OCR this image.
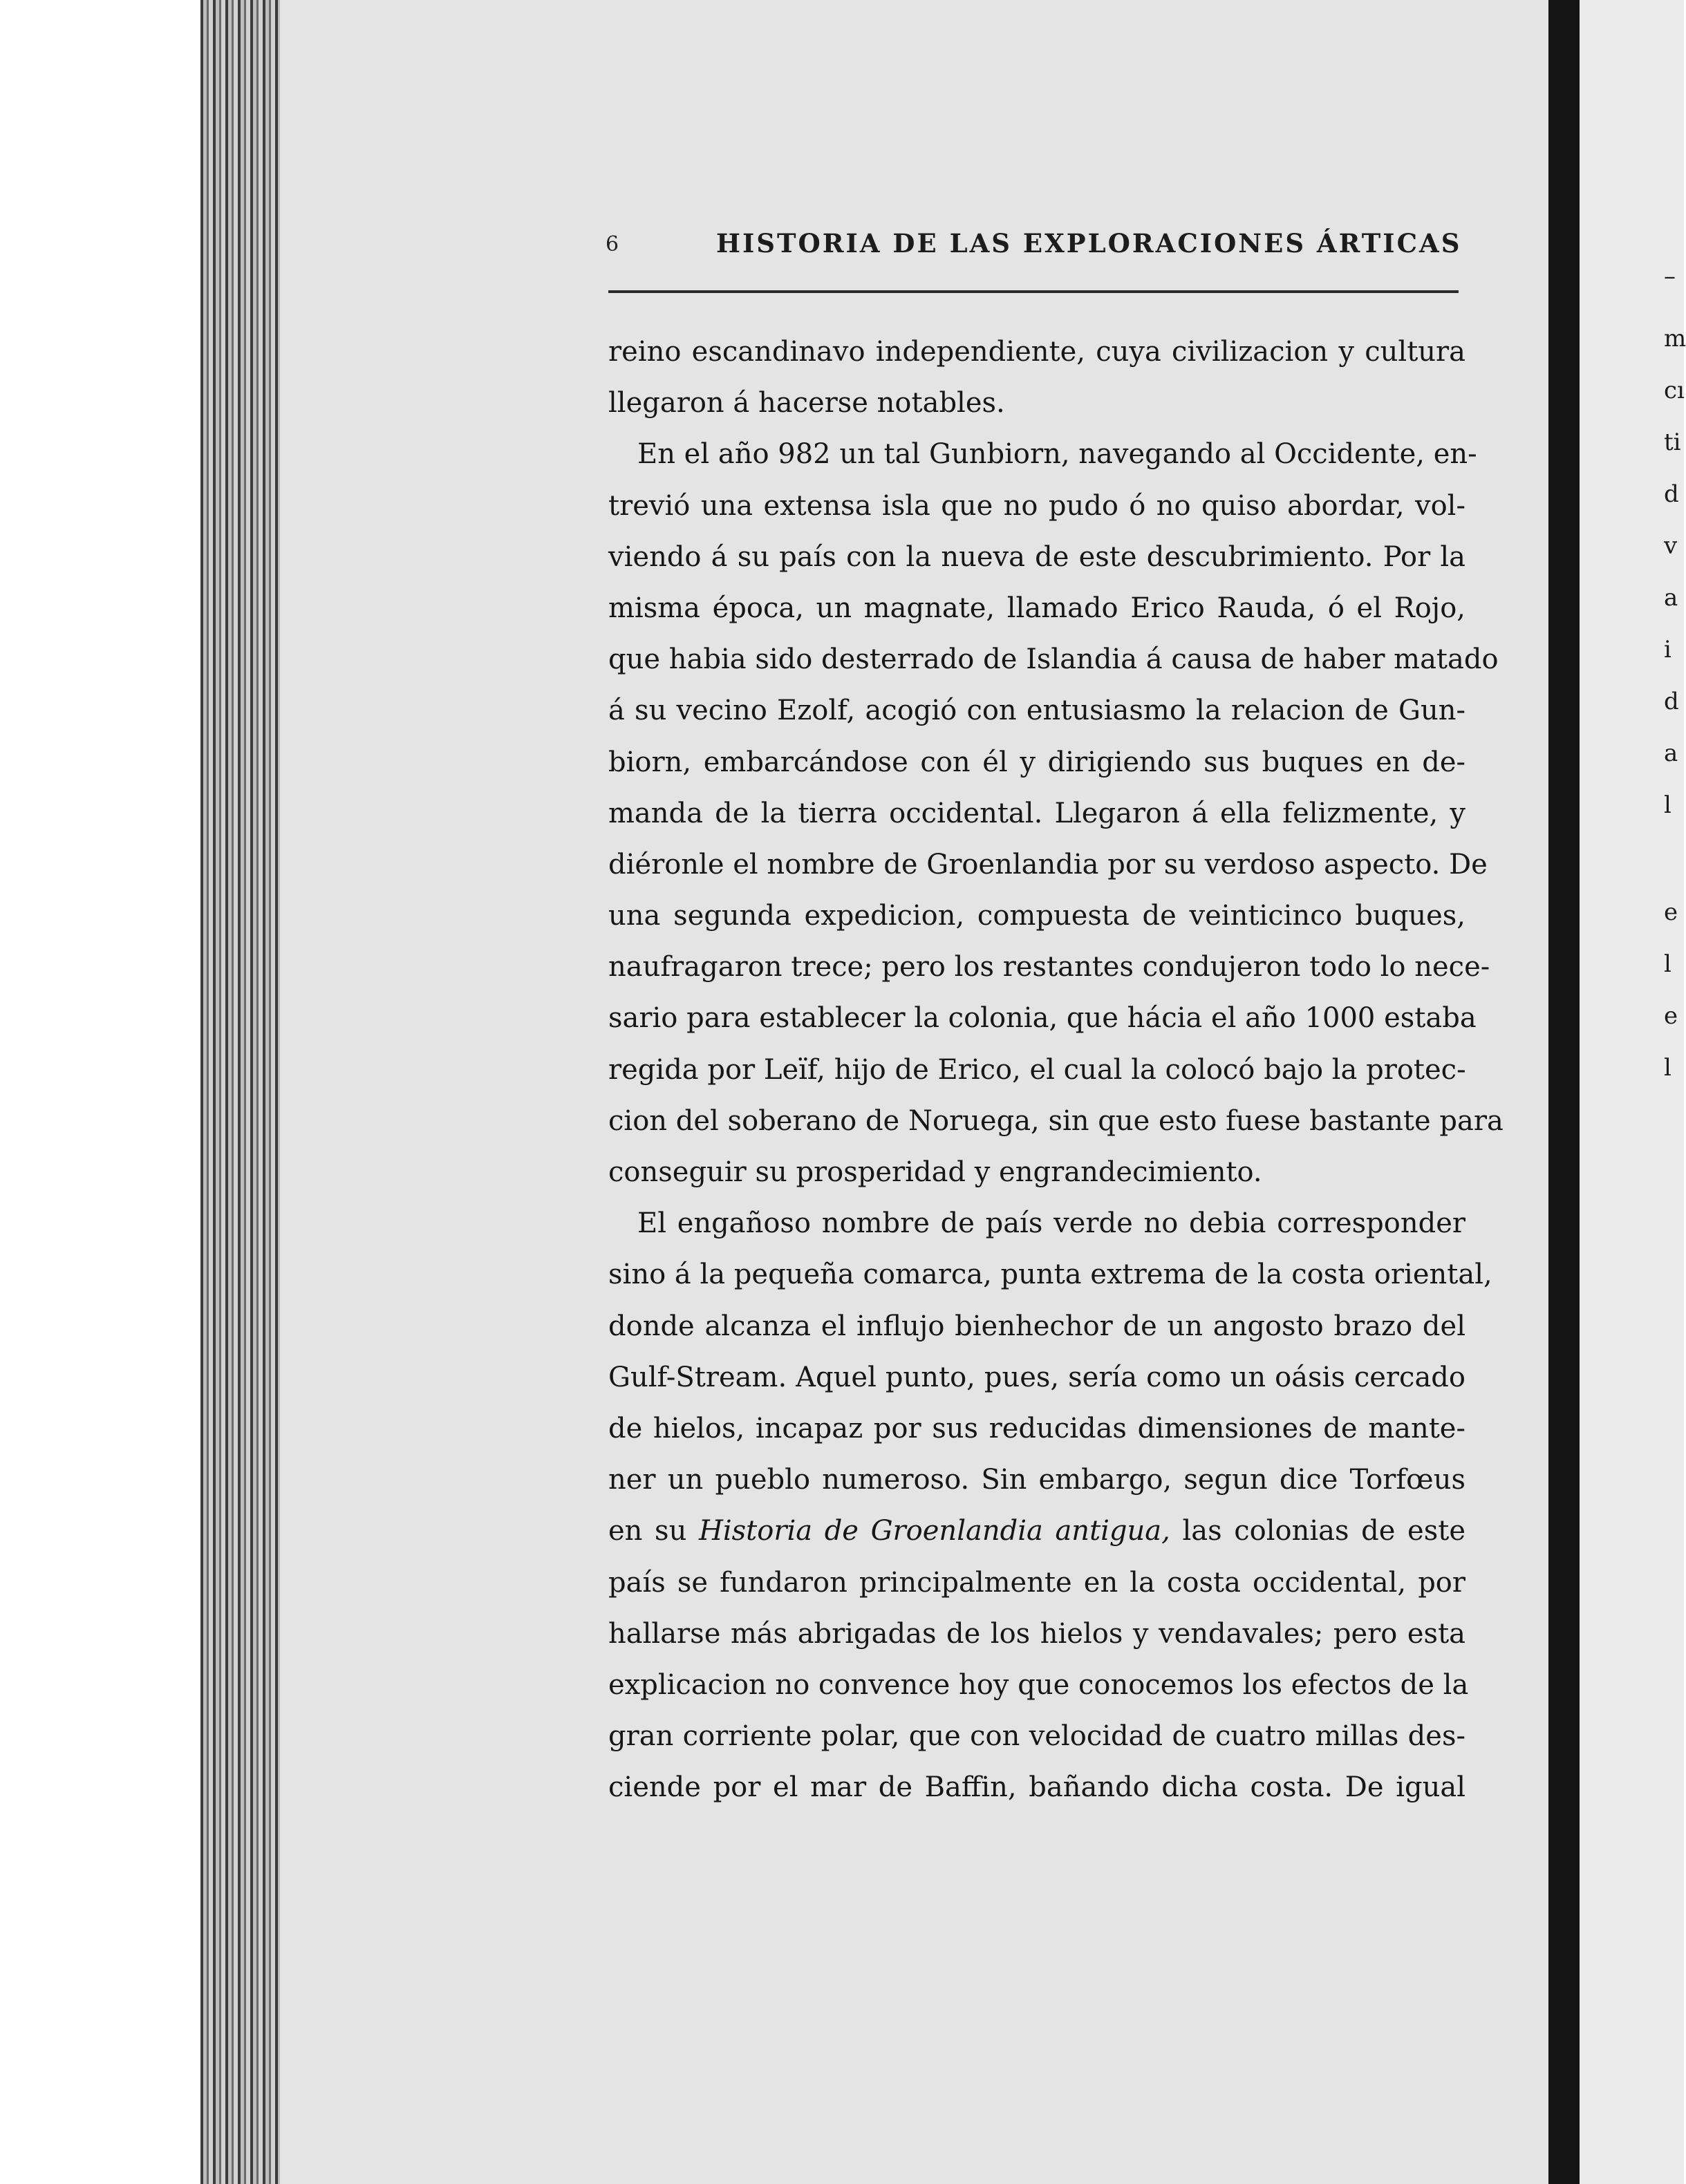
–
m
cı
ti
d
v
a
i
d
a
l
e
l
e
l
6	HISTORIA DE LAS EXPLORACIONES ÁRTICAS
reino escandinavo independiente, cuya civilizacion y cultura
llegaron á hacerse notables.
En el año 982 un tal Gunbiorn, navegando al Occidente, en-
trevió una extensa isla que no pudo ó no quiso abordar, vol-
viendo á su país con la nueva de este descubrimiento. Por la
misma época, un magnate, llamado Erico Rauda, ó el Rojo,
que habia sido desterrado de Islandia á causa de haber matado
á su vecino Ezolf, acogió con entusiasmo la relacion de Gun-
biorn, embarcándose con él y dirigiendo sus buques en de-
manda de la tierra occidental. Llegaron á ella felizmente, y
diéronle el nombre de Groenlandia por su verdoso aspecto. De
una segunda expedicion, compuesta de veinticinco buques,
naufragaron trece; pero los restantes condujeron todo lo nece-
sario para establecer la colonia, que hácia el año 1000 estaba
regida por Leïf, hijo de Erico, el cual la colocó bajo la protec-
cion del soberano de Noruega, sin que esto fuese bastante para
conseguir su prosperidad y engrandecimiento.
El engañoso nombre de país verde no debia corresponder
sino á la pequeña comarca, punta extrema de la costa oriental,
donde alcanza el influjo bienhechor de un angosto brazo del
Gulf-Stream. Aquel punto, pues, sería como un oásis cercado
de hielos, incapaz por sus reducidas dimensiones de mante-
ner un pueblo numeroso. Sin embargo, segun dice Torfœus
en su Historia de Groenlandia antigua, las colonias de este
país se fundaron principalmente en la costa occidental, por
hallarse más abrigadas de los hielos y vendavales; pero esta
explicacion no convence hoy que conocemos los efectos de la
gran corriente polar, que con velocidad de cuatro millas des-
ciende por el mar de Baffin, bañando dicha costa. De igual
